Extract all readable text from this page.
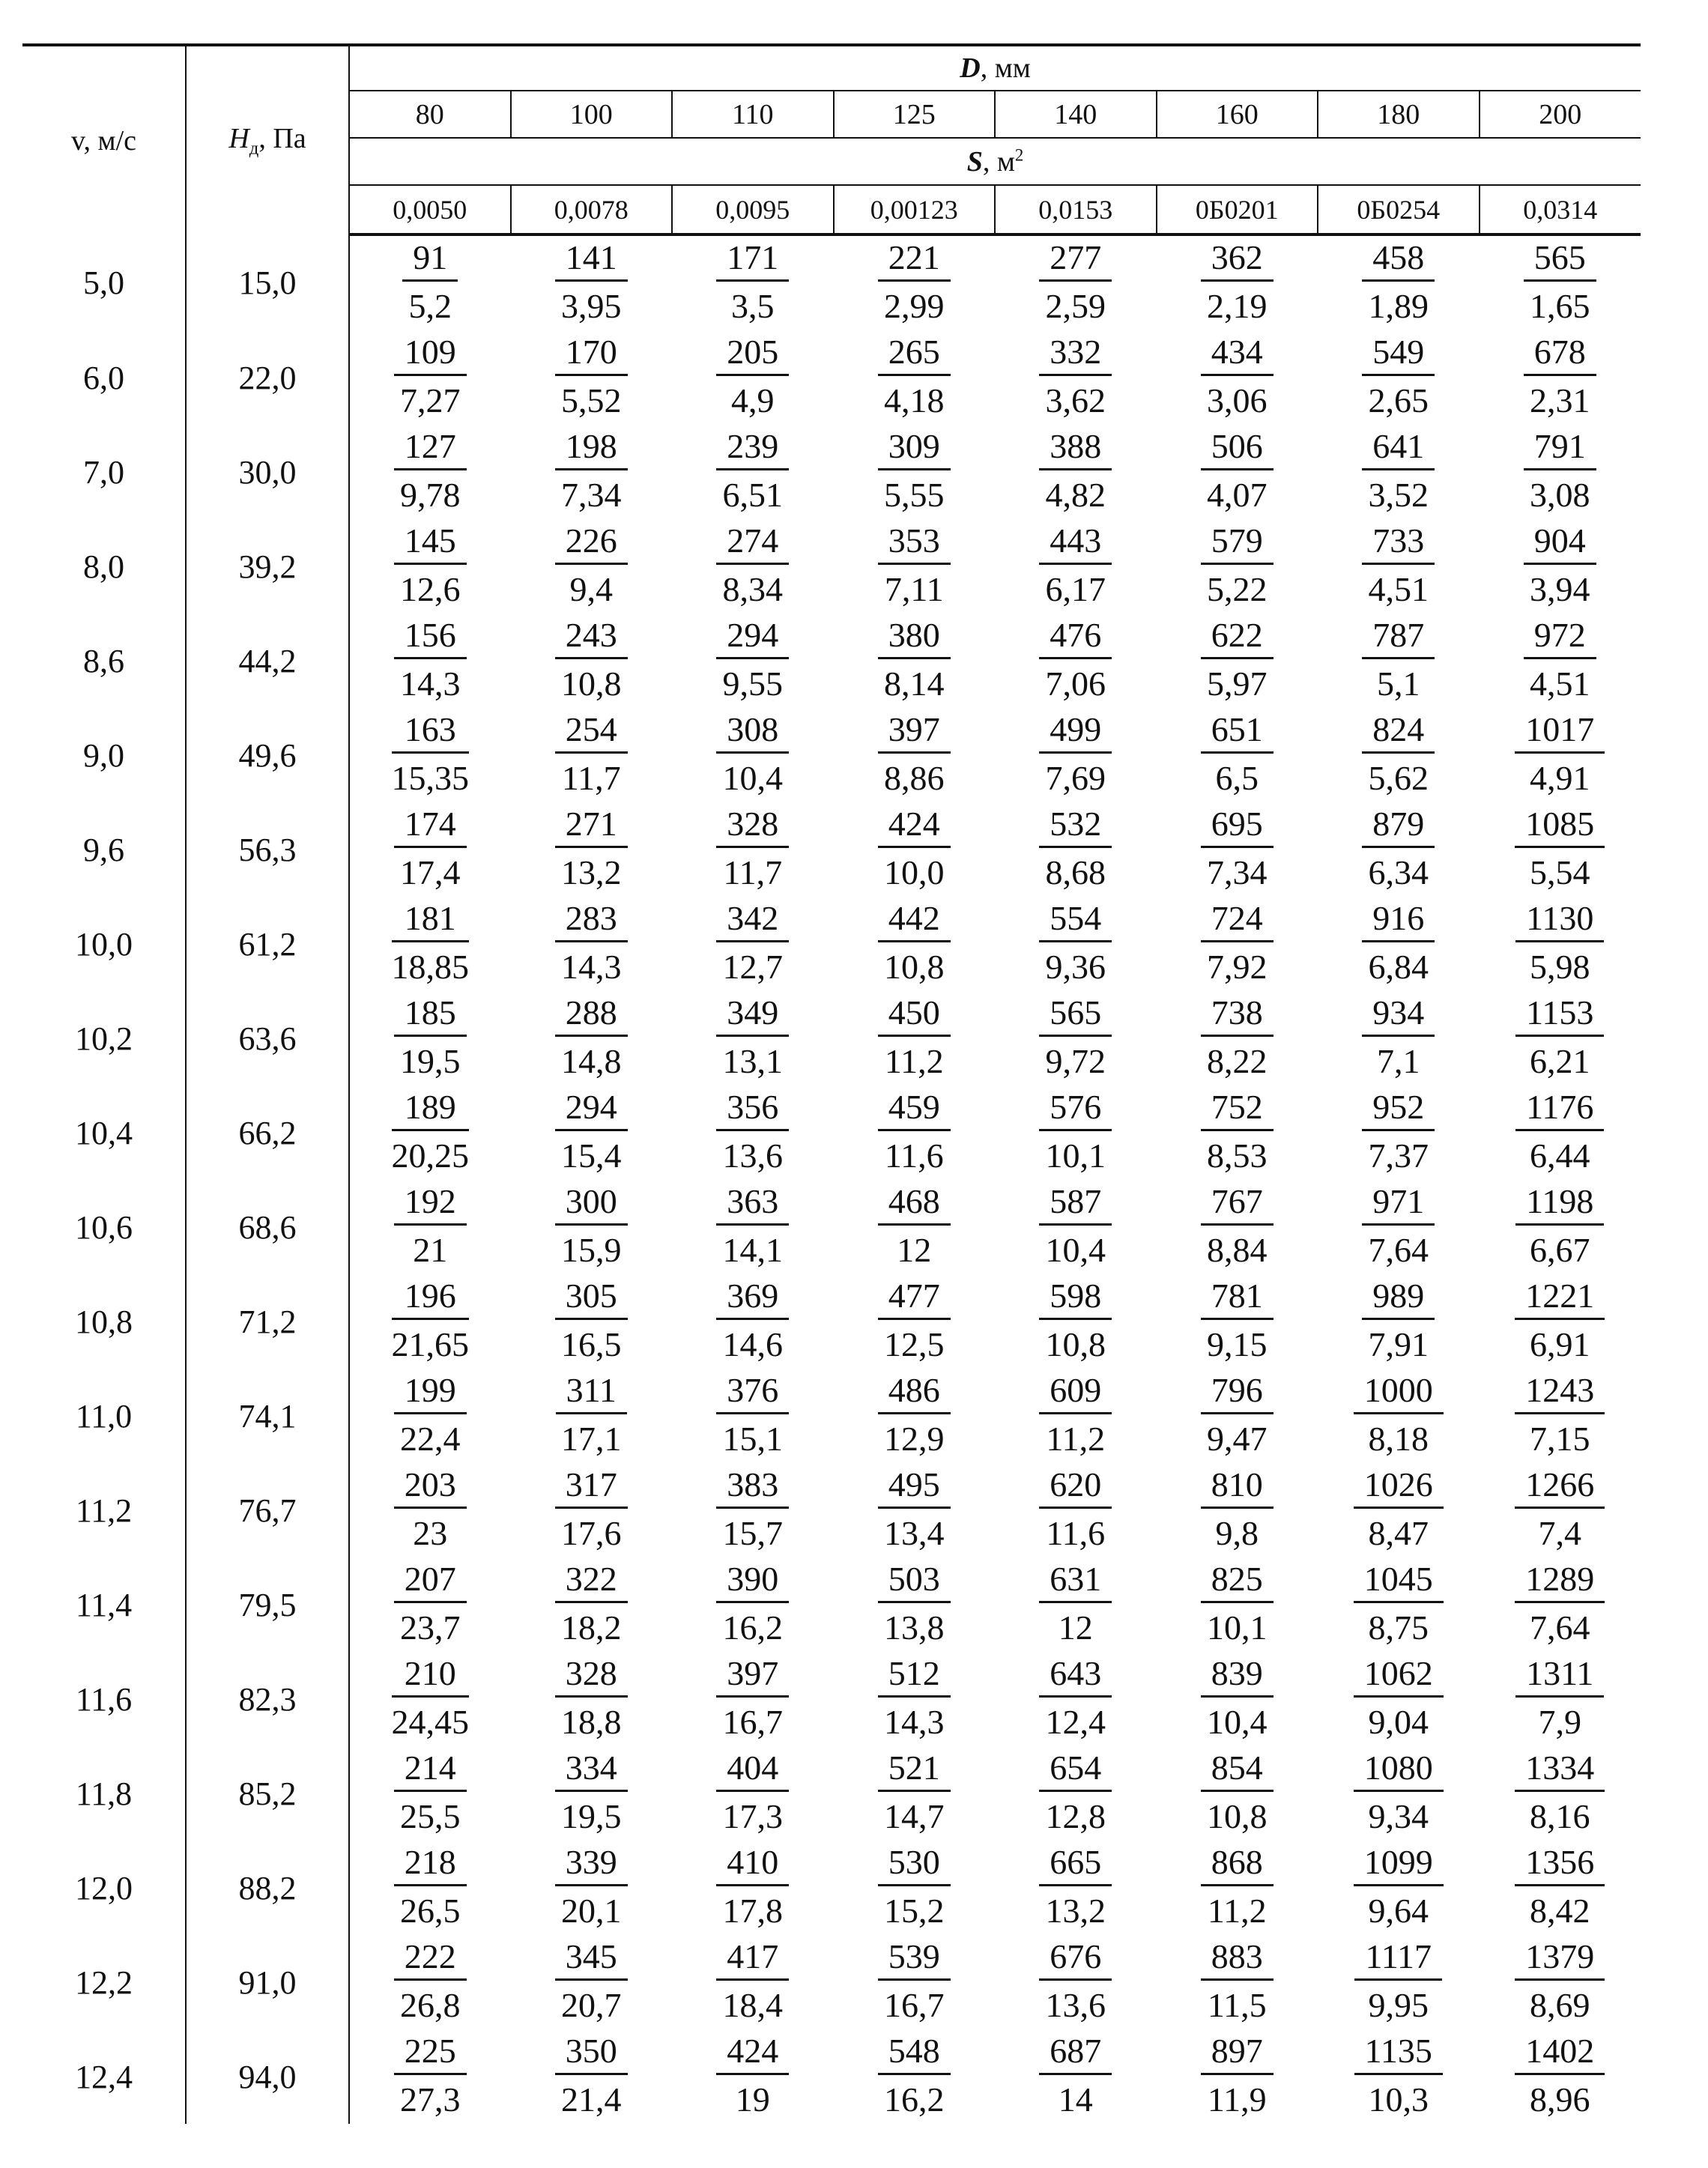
v, м/с	$H_д$, Па	D, мм							
		80	100	110	125	140	160	180	200
		S, $м^2$
		0,0050	0,0078	0,0095	0,00123	0,0153	0Б0201	0Б0254	0,0314
5,0	15,0	$\frac{91}{5,2}$	$\frac{141}{3,95}$	$\frac{171}{3,5}$	$\frac{221}{2,99}$	$\frac{277}{2,59}$	$\frac{362}{2,19}$	$\frac{458}{1,89}$	$\frac{565}{1,65}$

6,0	22,0	$\frac{109}{7,27}$	$\frac{170}{5,52}$	$\frac{205}{4,9}$	$\frac{265}{4,18}$	$\frac{332}{3,62}$	$\frac{434}{3,06}$	$\frac{549}{2,65}$	$\frac{678}{2,31}$

7,0	30,0	$\frac{127}{9,78}$	$\frac{198}{7,34}$	$\frac{239}{6,51}$	$\frac{309}{5,55}$	$\frac{388}{4,82}$	$\frac{506}{4,07}$	$\frac{641}{3,52}$	$\frac{791}{3,08}$

8,0	39,2	$\frac{145}{12,6}$	$\frac{226}{9,4}$	$\frac{274}{8,34}$	$\frac{353}{7,11}$	$\frac{443}{6,17}$	$\frac{579}{5,22}$	$\frac{733}{4,51}$	$\frac{904}{3,94}$

8,6	44,2	$\frac{156}{14,3}$	$\frac{243}{10,8}$	$\frac{294}{9,55}$	$\frac{380}{8,14}$	$\frac{476}{7,06}$	$\frac{622}{5,97}$	$\frac{787}{5,1}$	$\frac{972}{4,51}$

9,0	49,6	$\frac{163}{15,35}$	$\frac{254}{11,7}$	$\frac{308}{10,4}$	$\frac{397}{8,86}$	$\frac{499}{7,69}$	$\frac{651}{6,5}$	$\frac{824}{5,62}$	$\frac{1017}{4,91}$

9,6	56,3	$\frac{174}{17,4}$	$\frac{271}{13,2}$	$\frac{328}{11,7}$	$\frac{424}{10,0}$	$\frac{532}{8,68}$	$\frac{695}{7,34}$	$\frac{879}{6,34}$	$\frac{1085}{5,54}$

10,0	61,2	$\frac{181}{18,85}$	$\frac{283}{14,3}$	$\frac{342}{12,7}$	$\frac{442}{10,8}$	$\frac{554}{9,36}$	$\frac{724}{7,92}$	$\frac{916}{6,84}$	$\frac{1130}{5,98}$

10,2	63,6	$\frac{185}{19,5}$	$\frac{288}{14,8}$	$\frac{349}{13,1}$	$\frac{450}{11,2}$	$\frac{565}{9,72}$	$\frac{738}{8,22}$	$\frac{934}{7,1}$	$\frac{1153}{6,21}$

10,4	66,2	$\frac{189}{20,25}$	$\frac{294}{15,4}$	$\frac{356}{13,6}$	$\frac{459}{11,6}$	$\frac{576}{10,1}$	$\frac{752}{8,53}$	$\frac{952}{7,37}$	$\frac{1176}{6,44}$

10,6	68,6	$\frac{192}{21}$	$\frac{300}{15,9}$	$\frac{363}{14,1}$	$\frac{468}{12}$	$\frac{587}{10,4}$	$\frac{767}{8,84}$	$\frac{971}{7,64}$	$\frac{1198}{6,67}$

10,8	71,2	$\frac{196}{21,65}$	$\frac{305}{16,5}$	$\frac{369}{14,6}$	$\frac{477}{12,5}$	$\frac{598}{10,8}$	$\frac{781}{9,15}$	$\frac{989}{7,91}$	$\frac{1221}{6,91}$

11,0	74,1	$\frac{199}{22,4}$	$\frac{311}{17,1}$	$\frac{376}{15,1}$	$\frac{486}{12,9}$	$\frac{609}{11,2}$	$\frac{796}{9,47}$	$\frac{1000}{8,18}$	$\frac{1243}{7,15}$

11,2	76,7	$\frac{203}{23}$	$\frac{317}{17,6}$	$\frac{383}{15,7}$	$\frac{495}{13,4}$	$\frac{620}{11,6}$	$\frac{810}{9,8}$	$\frac{1026}{8,47}$	$\frac{1266}{7,4}$

11,4	79,5	$\frac{207}{23,7}$	$\frac{322}{18,2}$	$\frac{390}{16,2}$	$\frac{503}{13,8}$	$\frac{631}{12}$	$\frac{825}{10,1}$	$\frac{1045}{8,75}$	$\frac{1289}{7,64}$

11,6	82,3	$\frac{210}{24,45}$	$\frac{328}{18,8}$	$\frac{397}{16,7}$	$\frac{512}{14,3}$	$\frac{643}{12,4}$	$\frac{839}{10,4}$	$\frac{1062}{9,04}$	$\frac{1311}{7,9}$

11,8	85,2	$\frac{214}{25,5}$	$\frac{334}{19,5}$	$\frac{404}{17,3}$	$\frac{521}{14,7}$	$\frac{654}{12,8}$	$\frac{854}{10,8}$	$\frac{1080}{9,34}$	$\frac{1334}{8,16}$

12,0	88,2	$\frac{218}{26,5}$	$\frac{339}{20,1}$	$\frac{410}{17,8}$	$\frac{530}{15,2}$	$\frac{665}{13,2}$	$\frac{868}{11,2}$	$\frac{1099}{9,64}$	$\frac{1356}{8,42}$

12,2	91,0	$\frac{222}{26,8}$	$\frac{345}{20,7}$	$\frac{417}{18,4}$	$\frac{539}{16,7}$	$\frac{676}{13,6}$	$\frac{883}{11,5}$	$\frac{1117}{9,95}$	$\frac{1379}{8,69}$

12,4	94,0	$\frac{225}{27,3}$	$\frac{350}{21,4}$	$\frac{424}{19}$	$\frac{548}{16,2}$	$\frac{687}{14}$	$\frac{897}{11,9}$	$\frac{1135}{10,3}$	$\frac{1402}{8,96}$
